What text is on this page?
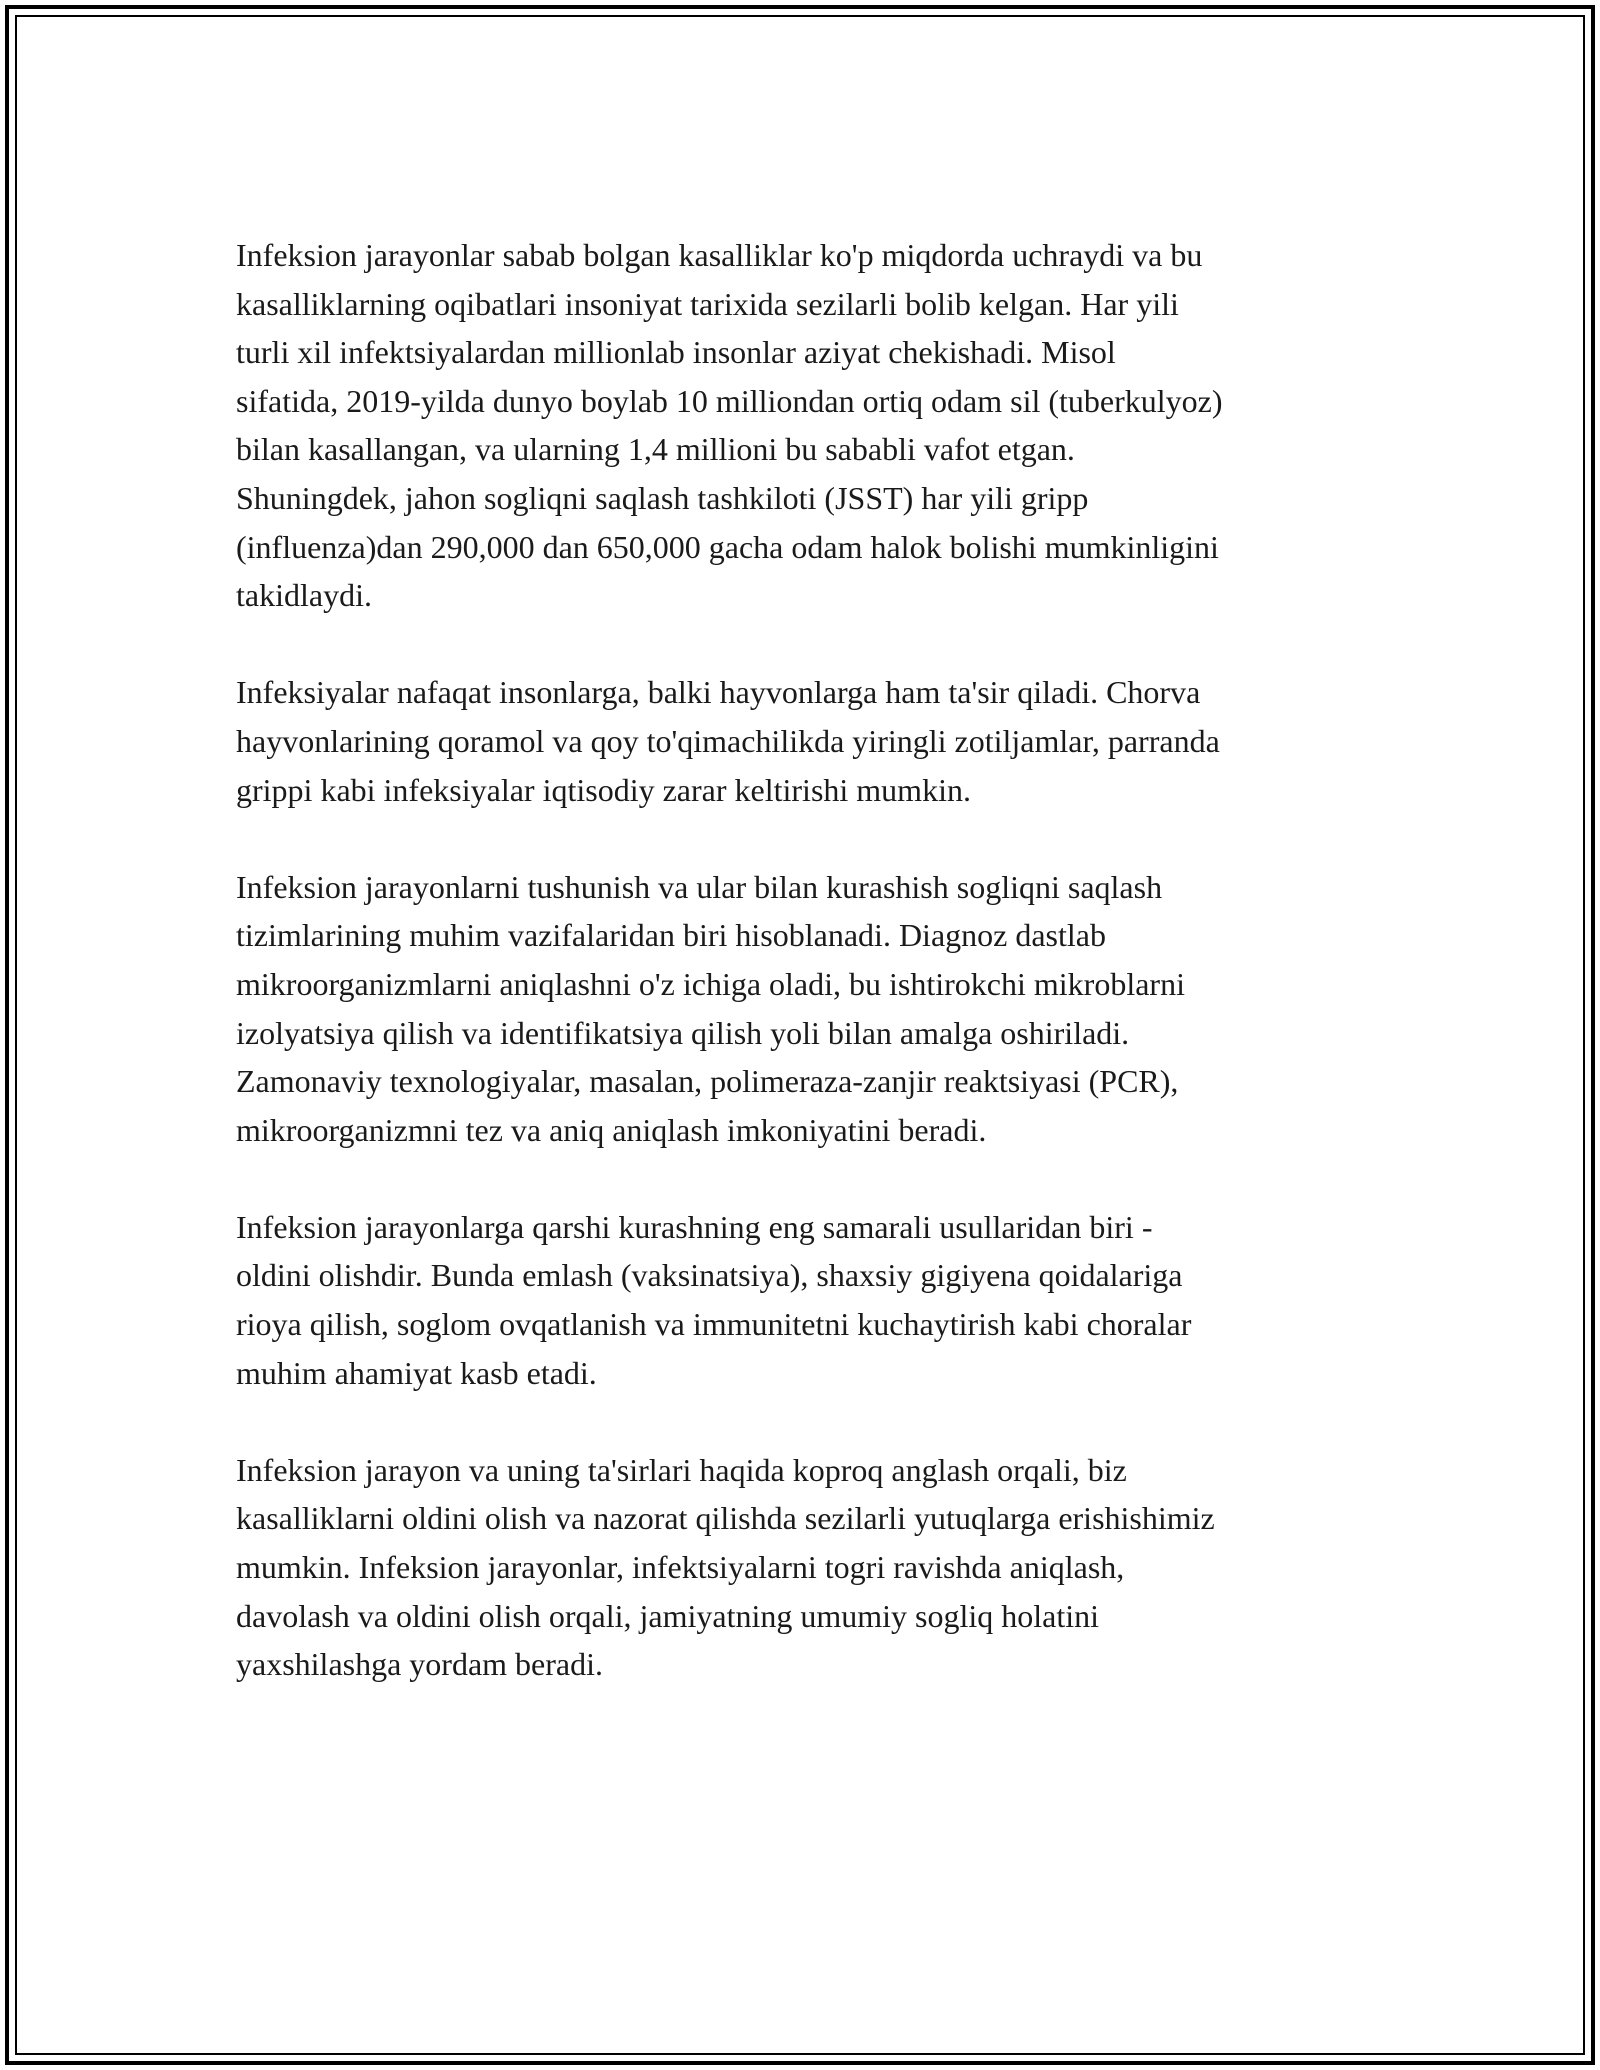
Infeksion jarayonlar sabab bolgan kasalliklar ko'p miqdorda uchraydi va bu
kasalliklarning oqibatlari insoniyat tarixida sezilarli bolib kelgan. Har yili
turli xil infektsiyalardan millionlab insonlar aziyat chekishadi. Misol
sifatida, 2019-yilda dunyo boylab 10 milliondan ortiq odam sil (tuberkulyoz)
bilan kasallangan, va ularning 1,4 millioni bu sababli vafot etgan.
Shuningdek, jahon sogliqni saqlash tashkiloti (JSST) har yili gripp
(influenza)dan 290,000 dan 650,000 gacha odam halok bolishi mumkinligini
takidlaydi.

Infeksiyalar nafaqat insonlarga, balki hayvonlarga ham ta'sir qiladi. Chorva
hayvonlarining qoramol va qoy to'qimachilikda yiringli zotiljamlar, parranda
grippi kabi infeksiyalar iqtisodiy zarar keltirishi mumkin.

Infeksion jarayonlarni tushunish va ular bilan kurashish sogliqni saqlash
tizimlarining muhim vazifalaridan biri hisoblanadi. Diagnoz dastlab
mikroorganizmlarni aniqlashni o'z ichiga oladi, bu ishtirokchi mikroblarni
izolyatsiya qilish va identifikatsiya qilish yoli bilan amalga oshiriladi.
Zamonaviy texnologiyalar, masalan, polimeraza-zanjir reaktsiyasi (PCR),
mikroorganizmni tez va aniq aniqlash imkoniyatini beradi.

Infeksion jarayonlarga qarshi kurashning eng samarali usullaridan biri -
oldini olishdir. Bunda emlash (vaksinatsiya), shaxsiy gigiyena qoidalariga
rioya qilish, soglom ovqatlanish va immunitetni kuchaytirish kabi choralar
muhim ahamiyat kasb etadi.

Infeksion jarayon va uning ta'sirlari haqida koproq anglash orqali, biz
kasalliklarni oldini olish va nazorat qilishda sezilarli yutuqlarga erishishimiz
mumkin. Infeksion jarayonlar, infektsiyalarni togri ravishda aniqlash,
davolash va oldini olish orqali, jamiyatning umumiy sogliq holatini
yaxshilashga yordam beradi.
